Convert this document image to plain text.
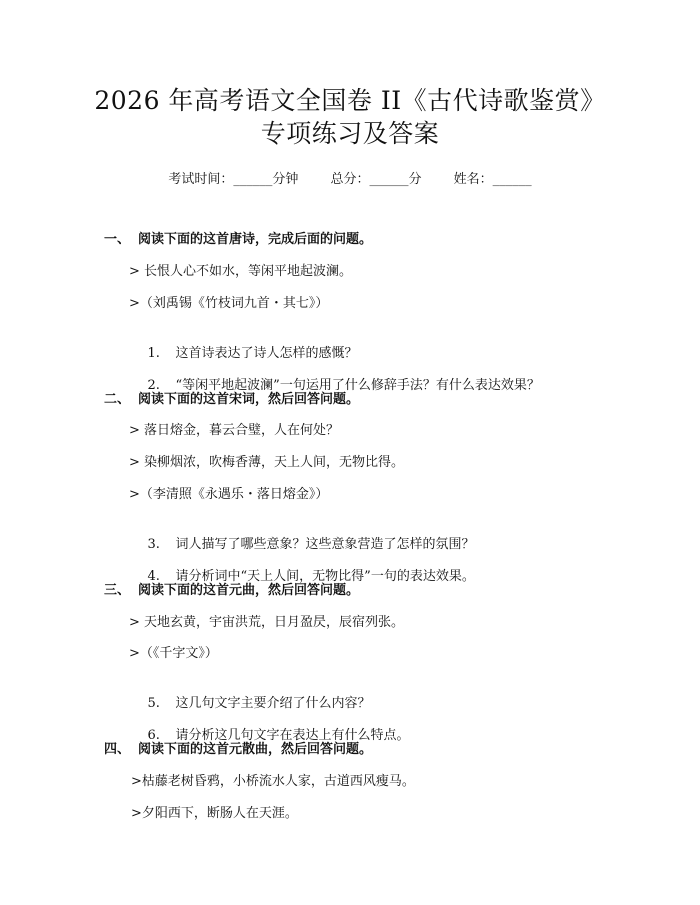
2026 年高考语文全国卷 II《古代诗歌鉴赏》
专项练习及答案
考试时间：______分钟 总分：______分 姓名：______
一、 阅读下面的这首唐诗，完成后面的问题。
> 长恨人心不如水，等闲平地起波澜。
>（刘禹锡《竹枝词九首・其七》）

1. 这首诗表达了诗人怎样的感慨？

2. “等闲平地起波澜”一句运用了什么修辞手法？有什么表达效果？

二、 阅读下面的这首宋词，然后回答问题。
> 落日熔金，暮云合璧，人在何处？
> 染柳烟浓，吹梅香薄，天上人间，无物比得。
>（李清照《永遇乐・落日熔金》）

3. 词人描写了哪些意象？这些意象营造了怎样的氛围？

4. 请分析词中“天上人间，无物比得”一句的表达效果。

三、 阅读下面的这首元曲，然后回答问题。
> 天地玄黄，宇宙洪荒，日月盈昃，辰宿列张。
>（《千字文》）

5. 这几句文字主要介绍了什么内容？

6. 请分析这几句文字在表达上有什么特点。

四、 阅读下面的这首元散曲，然后回答问题。
>枯藤老树昏鸦，小桥流水人家，古道西风瘦马。
>夕阳西下，断肠人在天涯。
